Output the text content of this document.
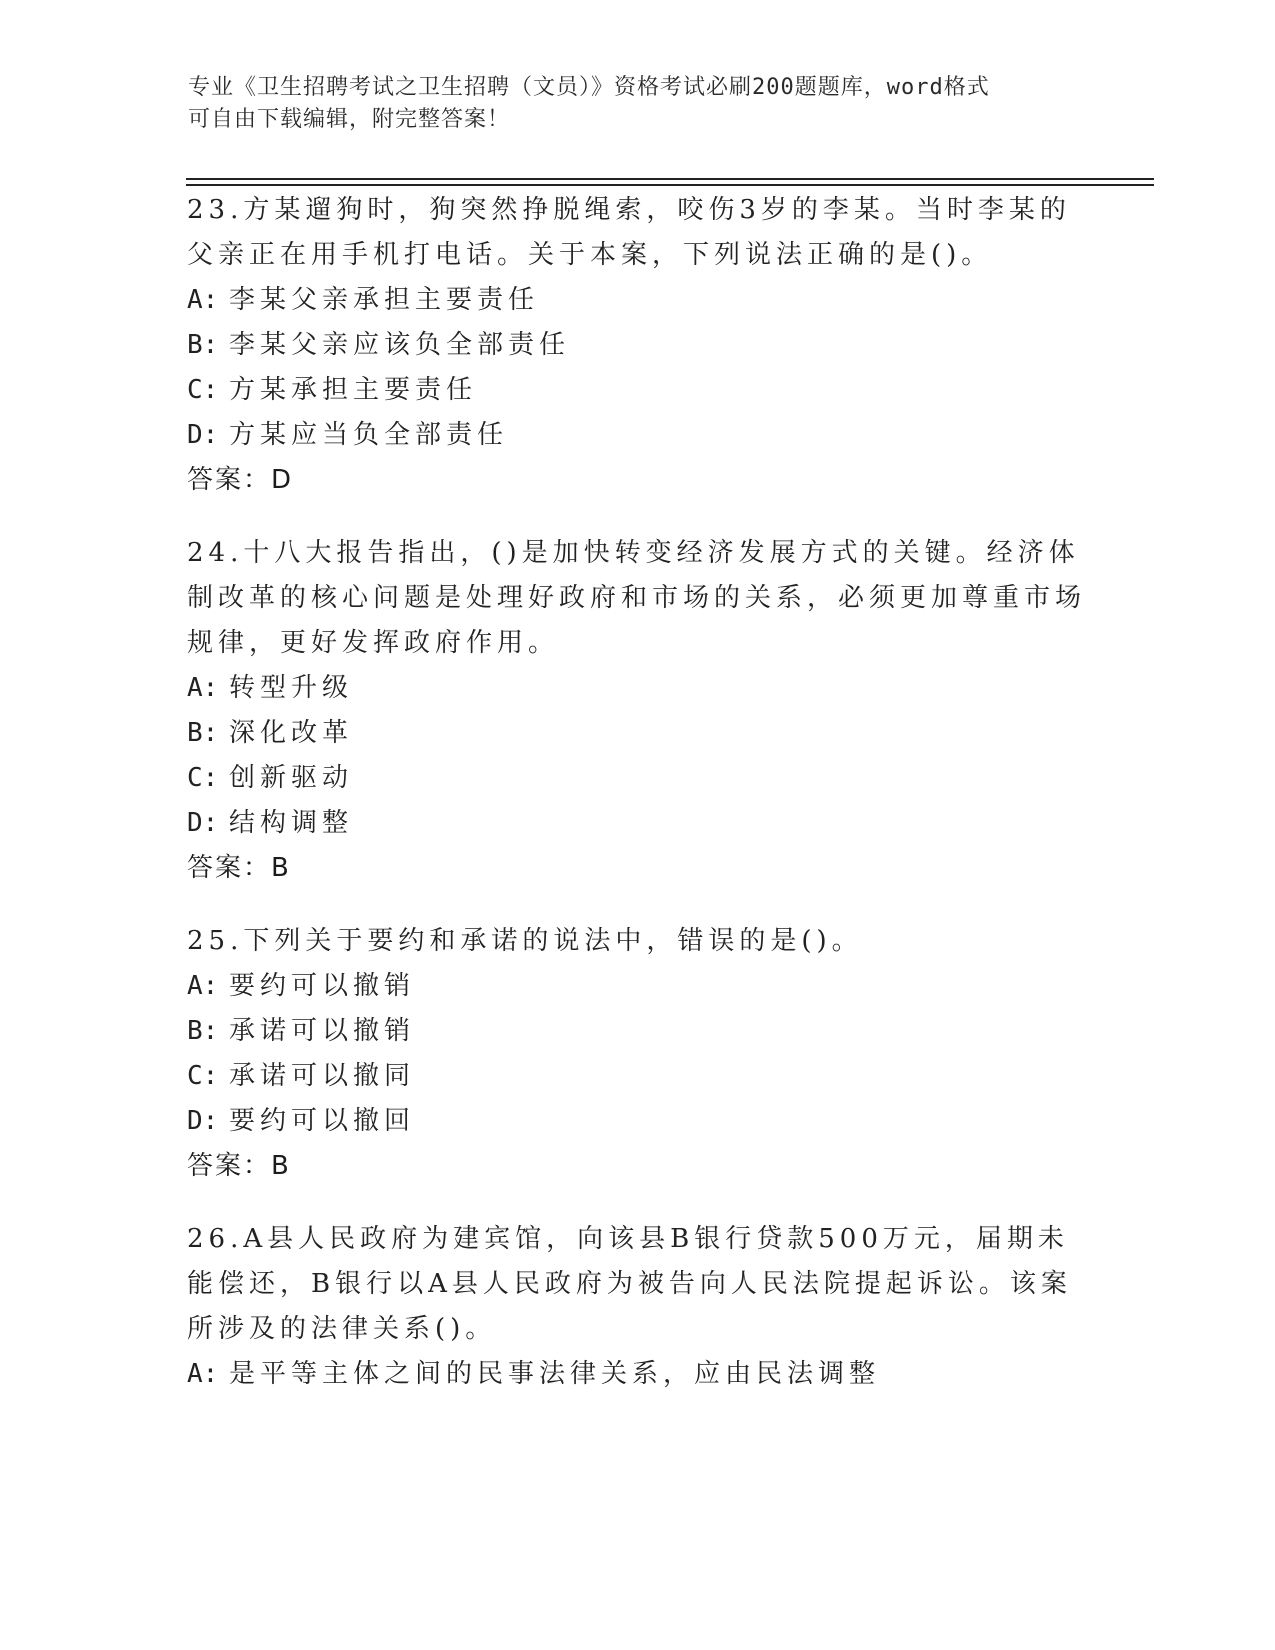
专业《卫生招聘考试之卫生招聘（文员）》资格考试必刷200题题库，word格式
可自由下载编辑，附完整答案！

23.方某遛狗时，狗突然挣脱绳索，咬伤3岁的李某。当时李某的父亲正在用手机打电话。关于本案，下列说法正确的是()。

A: 李某父亲承担主要责任
B: 李某父亲应该负全部责任
C: 方某承担主要责任
D: 方某应当负全部责任

答案：D

24.十八大报告指出，()是加快转变经济发展方式的关键。经济体制改革的核心问题是处理好政府和市场的关系，必须更加尊重市场规律，更好发挥政府作用。

A: 转型升级
B: 深化改革
C: 创新驱动
D: 结构调整

答案：B

25.下列关于要约和承诺的说法中，错误的是()。

A: 要约可以撤销
B: 承诺可以撤销
C: 承诺可以撤同
D: 要约可以撤回

答案：B

26.A县人民政府为建宾馆，向该县B银行贷款500万元，届期未能偿还，B银行以A县人民政府为被告向人民法院提起诉讼。该案所涉及的法律关系()。

A: 是平等主体之间的民事法律关系，应由民法调整
